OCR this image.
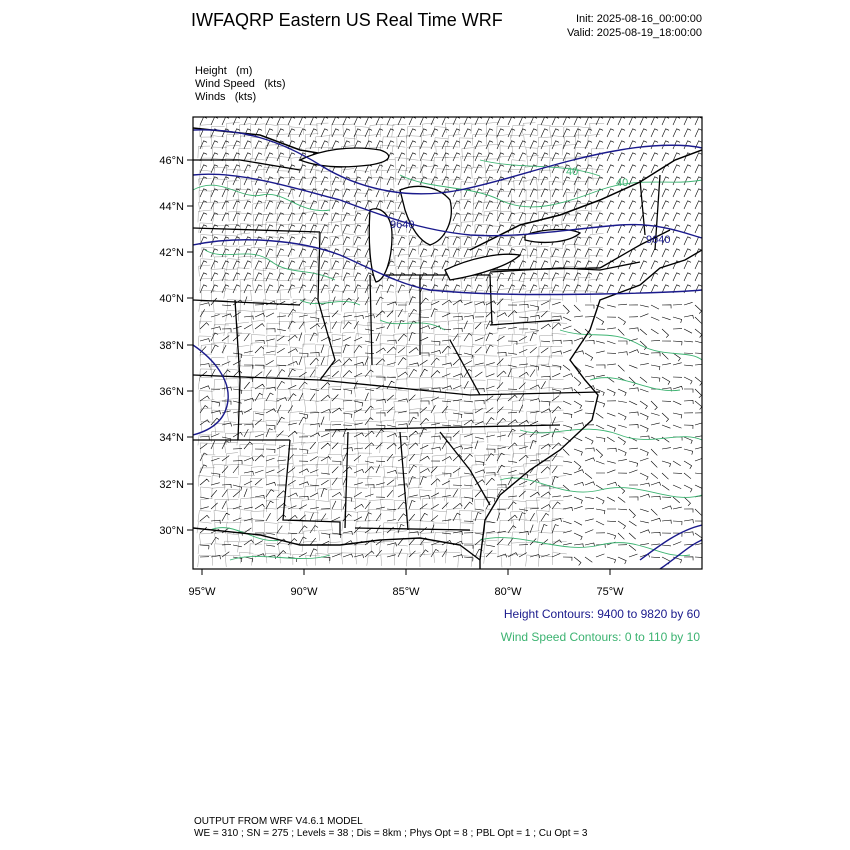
IWFAQRP Eastern US Real Time WRF	Init: 2025-08-16_00:00:00
Valid: 2025-08-19_18:00:00
Height (m)
Wind Speed (kts)
Winds (kts)
9640
9640
40
40
46°N
44°N
42°N
40°N
38°N
36°N
34°N
32°N
30°N
95°W	90°W	85°W	80°W	75°W
Height Contours: 9400 to 9820 by 60
Wind Speed Contours: 0 to 110 by 10
OUTPUT FROM WRF V4.6.1 MODEL
WE = 310 ; SN = 275 ; Levels = 38 ; Dis = 8km ; Phys Opt = 8 ; PBL Opt = 1 ; Cu Opt = 3
